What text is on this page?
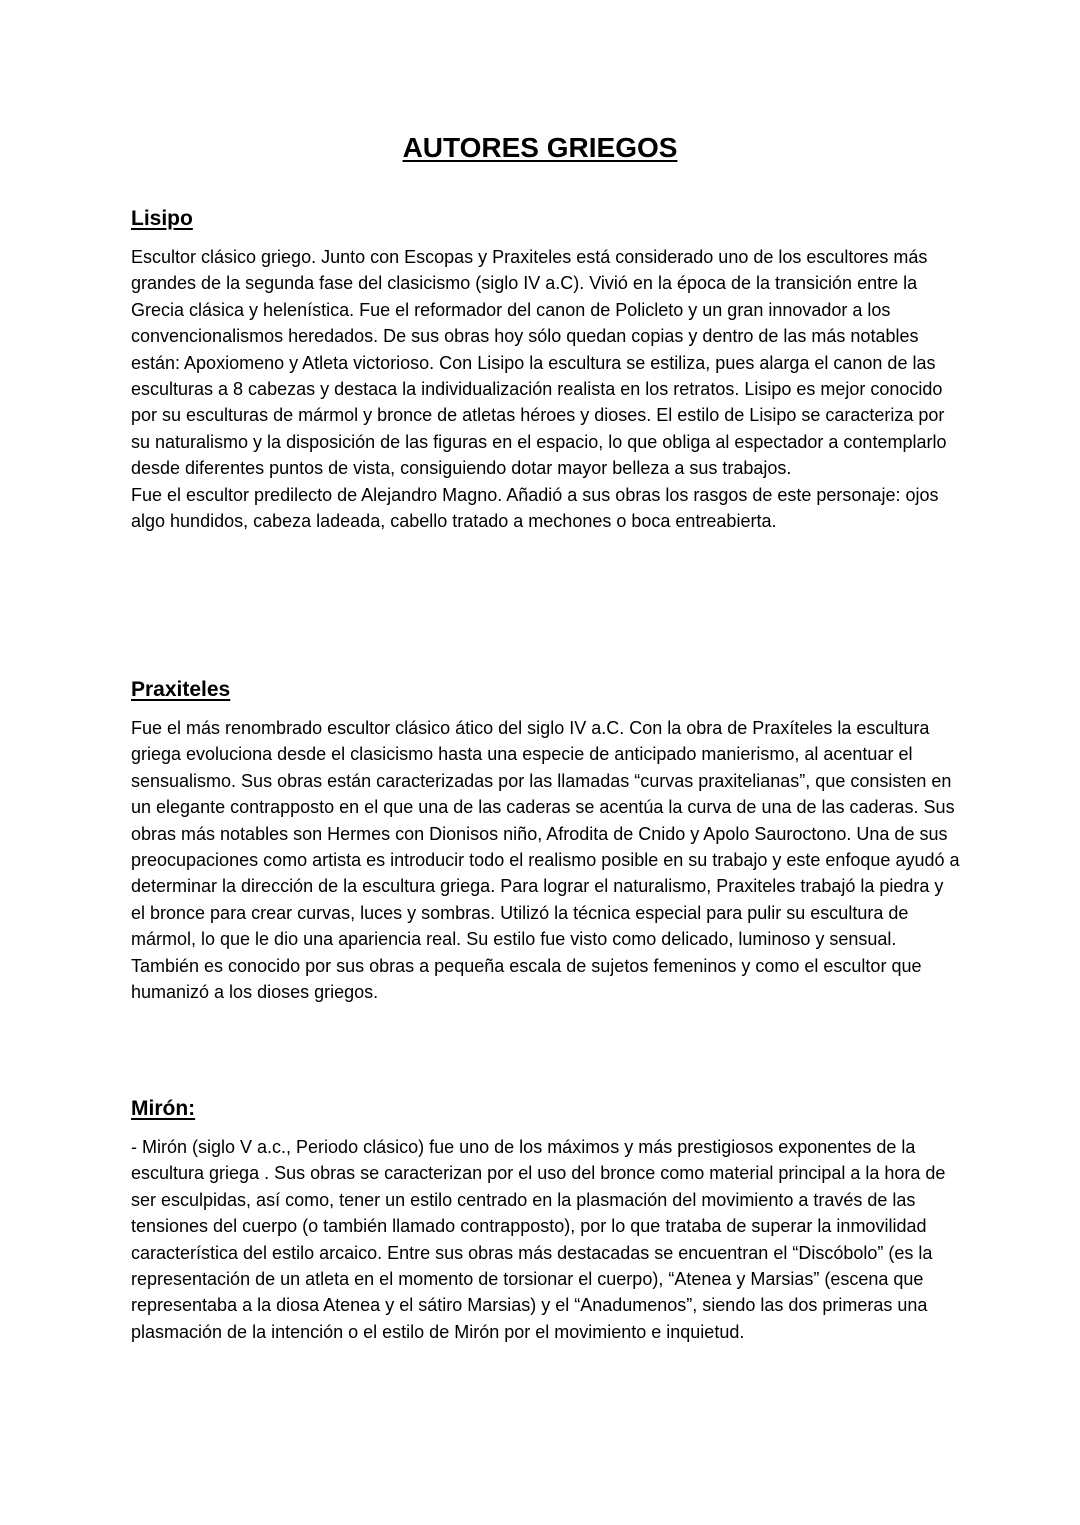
AUTORES GRIEGOS
Lisipo

Escultor clásico griego. Junto con Escopas y Praxiteles está considerado uno de los escultores más grandes de la segunda fase del clasicismo (siglo IV a.C). Vivió en la época de la transición entre la Grecia clásica y helenística. Fue el reformador del canon de Policleto y un gran innovador a los convencionalismos heredados. De sus obras hoy sólo quedan copias y dentro de las más notables están: Apoxiomeno y Atleta victorioso. Con Lisipo la escultura se estiliza, pues alarga el canon de las esculturas a 8 cabezas y destaca la individualización realista en los retratos. Lisipo es mejor conocido por su esculturas de mármol y bronce de atletas héroes y dioses. El estilo de Lisipo se caracteriza por su naturalismo y la disposición de las figuras en el espacio, lo que obliga al espectador a contemplarlo desde diferentes puntos de vista, consiguiendo dotar mayor belleza a sus trabajos.

Fue el escultor predilecto de Alejandro Magno. Añadió a sus obras los rasgos de este personaje: ojos algo hundidos, cabeza ladeada, cabello tratado a mechones o boca entreabierta.

Praxiteles

Fue el más renombrado escultor clásico ático del siglo IV a.C. Con la obra de Praxíteles la escultura griega evoluciona desde el clasicismo hasta una especie de anticipado manierismo, al acentuar el sensualismo. Sus obras están caracterizadas por las llamadas “curvas praxitelianas”, que consisten en un elegante contrapposto en el que una de las caderas se acentúa la curva de una de las caderas. Sus obras más notables son Hermes con Dionisos niño, Afrodita de Cnido y Apolo Sauroctono. Una de sus preocupaciones como artista es introducir todo el realismo posible en su trabajo y este enfoque ayudó a determinar la dirección de la escultura griega. Para lograr el naturalismo, Praxiteles trabajó la piedra y el bronce para crear curvas, luces y sombras. Utilizó la técnica especial para pulir su escultura de mármol, lo que le dio una apariencia real. Su estilo fue visto como delicado, luminoso y sensual. También es conocido por sus obras a pequeña escala de sujetos femeninos y como el escultor que humanizó a los dioses griegos.

Mirón:

- Mirón (siglo V a.c., Periodo clásico) fue uno de los máximos y más prestigiosos exponentes de la escultura griega . Sus obras se caracterizan por el uso del bronce como material principal a la hora de ser esculpidas, así como, tener un estilo centrado en la plasmación del movimiento a través de las tensiones del cuerpo (o también llamado contrapposto), por lo que trataba de superar la inmovilidad característica del estilo arcaico. Entre sus obras más destacadas se encuentran el “Discóbolo” (es la representación de un atleta en el momento de torsionar el cuerpo), “Atenea y Marsias” (escena que representaba a la diosa Atenea y el sátiro Marsias) y el “Anadumenos”, siendo las dos primeras una plasmación de la intención o el estilo de Mirón por el movimiento e inquietud.
